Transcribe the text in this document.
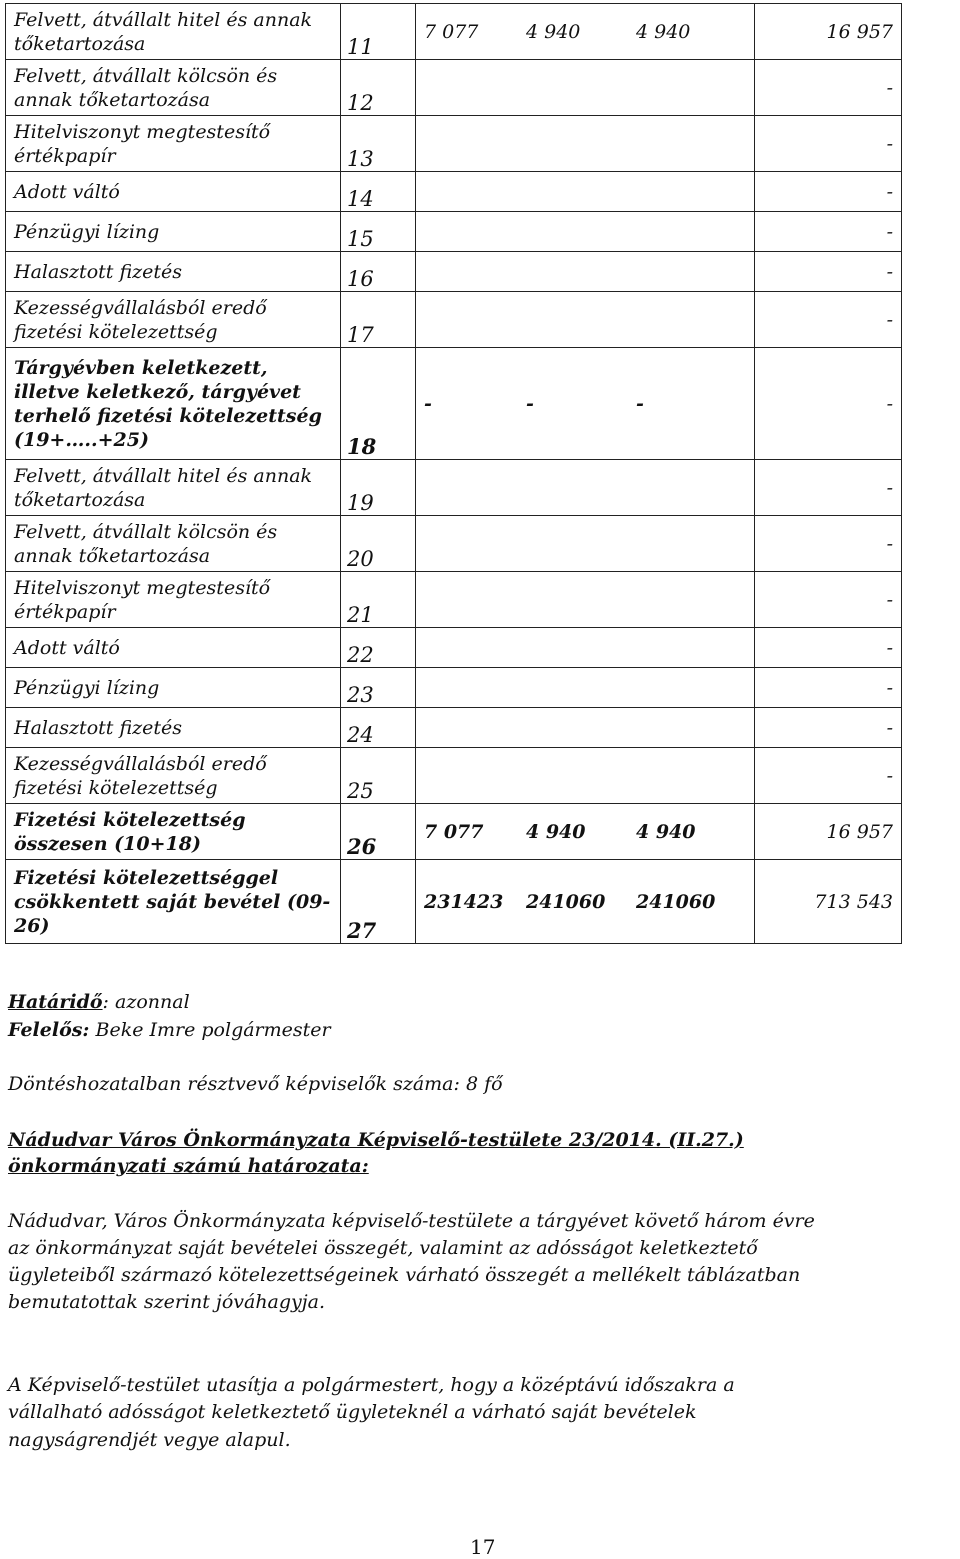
Felvett, átvállalt hitel és annak tőketartozása	11	7 077 4 940 4 940	16 957
Felvett, átvállalt kölcsön és annak tőketartozása	12		-
Hitelviszonyt megtestesítő értékpapír	13		-
Adott váltó	14		-
Pénzügyi lízing	15		-
Halasztott fizetés	16		-
Kezességvállalásból eredő fizetési kötelezettség	17		-
Tárgyévben keletkezett, illetve keletkező, tárgyévet terhelő fizetési kötelezettség (19+…..+25)	18	- - -	-
Felvett, átvállalt hitel és annak tőketartozása	19		-
Felvett, átvállalt kölcsön és annak tőketartozása	20		-
Hitelviszonyt megtestesítő értékpapír	21		-
Adott váltó	22		-
Pénzügyi lízing	23		-
Halasztott fizetés	24		-
Kezességvállalásból eredő fizetési kötelezettség	25		-
Fizetési kötelezettség összesen (10+18)	26	7 077 4 940 4 940	16 957
Fizetési kötelezettséggel csökkentett saját bevétel (09-26)	27	231423 241060 241060	713 543

Határidő: azonnal

Felelős: Beke Imre polgármester

Döntéshozatalban résztvevő képviselők száma: 8 fő

Nádudvar Város Önkormányzata Képviselő-testülete 23/2014. (II.27.)

önkormányzati számú határozata:

Nádudvar, Város Önkormányzata képviselő-testülete a tárgyévet követő három évre

az önkormányzat saját bevételei összegét, valamint az adósságot keletkeztető

ügyleteiből származó kötelezettségeinek várható összegét a mellékelt táblázatban

bemutatottak szerint jóváhagyja.

A Képviselő-testület utasítja a polgármestert, hogy a középtávú időszakra a

vállalható adósságot keletkeztető ügyleteknél a várható saját bevételek

nagyságrendjét vegye alapul.

17
